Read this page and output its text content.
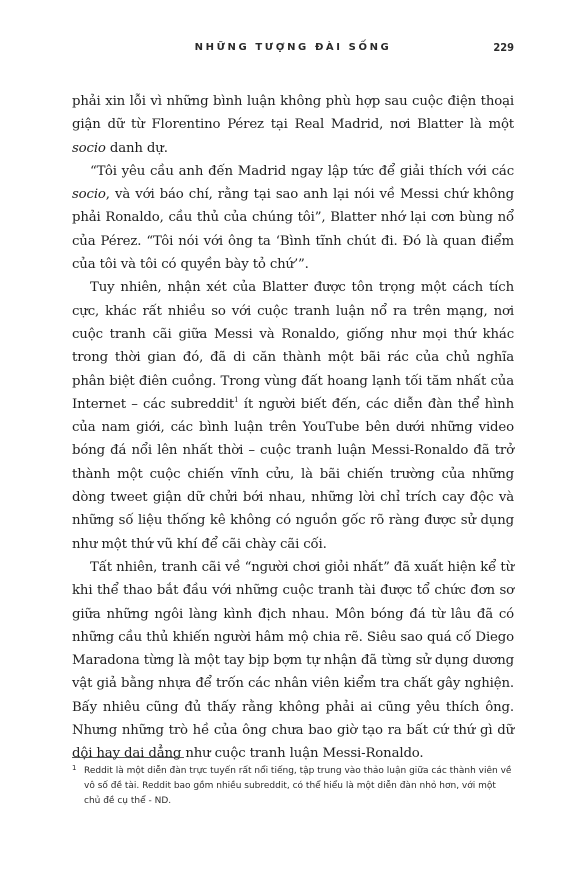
NHỮNG TƯỢNG ĐÀI SỐNG	229

phải xin lỗi vì những bình luận không phù hợp sau cuộc điện thoại giận dữ từ Florentino Pérez tại Real Madrid, nơi Blatter là một socio danh dự.

“Tôi yêu cầu anh đến Madrid ngay lập tức để giải thích với các socio, và với báo chí, rằng tại sao anh lại nói về Messi chứ không phải Ronaldo, cầu thủ của chúng tôi”, Blatter nhớ lại cơn bùng nổ của Pérez. “Tôi nói với ông ta ‘Bình tĩnh chút đi. Đó là quan điểm của tôi và tôi có quyền bày tỏ chứ’”.

Tuy nhiên, nhận xét của Blatter được tôn trọng một cách tích cực, khác rất nhiều so với cuộc tranh luận nổ ra trên mạng, nơi cuộc tranh cãi giữa Messi và Ronaldo, giống như mọi thứ khác trong thời gian đó, đã di căn thành một bãi rác của chủ nghĩa phân biệt điên cuồng. Trong vùng đất hoang lạnh tối tăm nhất của Internet – các subreddit$^1$ ít người biết đến, các diễn đàn thể hình của nam giới, các bình luận trên YouTube bên dưới những video bóng đá nổi lên nhất thời – cuộc tranh luận Messi-Ronaldo đã trở thành một cuộc chiến vĩnh cửu, là bãi chiến trường của những dòng tweet giận dữ chửi bới nhau, những lời chỉ trích cay độc và những số liệu thống kê không có nguồn gốc rõ ràng được sử dụng như một thứ vũ khí để cãi chày cãi cối.

Tất nhiên, tranh cãi về “người chơi giỏi nhất” đã xuất hiện kể từ khi thể thao bắt đầu với những cuộc tranh tài được tổ chức đơn sơ giữa những ngôi làng kình địch nhau. Môn bóng đá từ lâu đã có những cầu thủ khiến người hâm mộ chia rẽ. Siêu sao quá cố Diego Maradona từng là một tay bịp bợm tự nhận đã từng sử dụng dương vật giả bằng nhựa để trốn các nhân viên kiểm tra chất gây nghiện. Bấy nhiêu cũng đủ thấy rằng không phải ai cũng yêu thích ông. Nhưng những trò hề của ông chưa bao giờ tạo ra bất cứ thứ gì dữ dội hay dai dẳng như cuộc tranh luận Messi-Ronaldo.

1 Reddit là một diễn đàn trực tuyến rất nổi tiếng, tập trung vào thảo luận giữa các thành viên về vô số đề tài. Reddit bao gồm nhiều subreddit, có thể hiểu là một diễn đàn nhỏ hơn, với một chủ đề cụ thể - ND.
